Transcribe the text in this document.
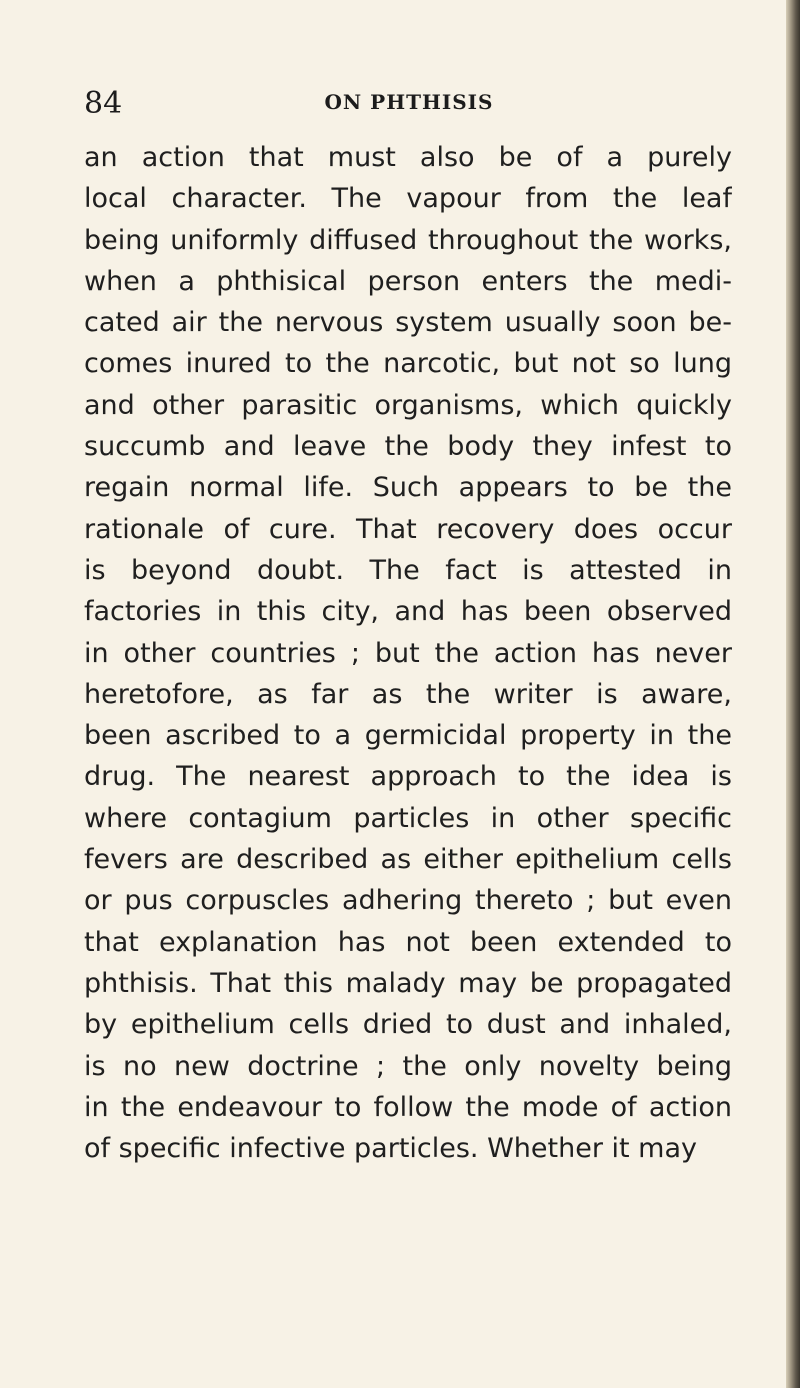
84	ON PHTHISIS
an action that must also be of a purely
local character. The vapour from the leaf
being uniformly diffused throughout the works,
when a phthisical person enters the medi-
cated air the nervous system usually soon be-
comes inured to the narcotic, but not so lung
and other parasitic organisms, which quickly
succumb and leave the body they infest to
regain normal life. Such appears to be the
rationale of cure. That recovery does occur
is beyond doubt. The fact is attested in
factories in this city, and has been observed
in other countries ; but the action has never
heretofore, as far as the writer is aware,
been ascribed to a germicidal property in the
drug. The nearest approach to the idea is
where contagium particles in other specific
fevers are described as either epithelium cells
or pus corpuscles adhering thereto ; but even
that explanation has not been extended to
phthisis. That this malady may be propagated
by epithelium cells dried to dust and inhaled,
is no new doctrine ; the only novelty being
in the endeavour to follow the mode of action
of specific infective particles. Whether it may
